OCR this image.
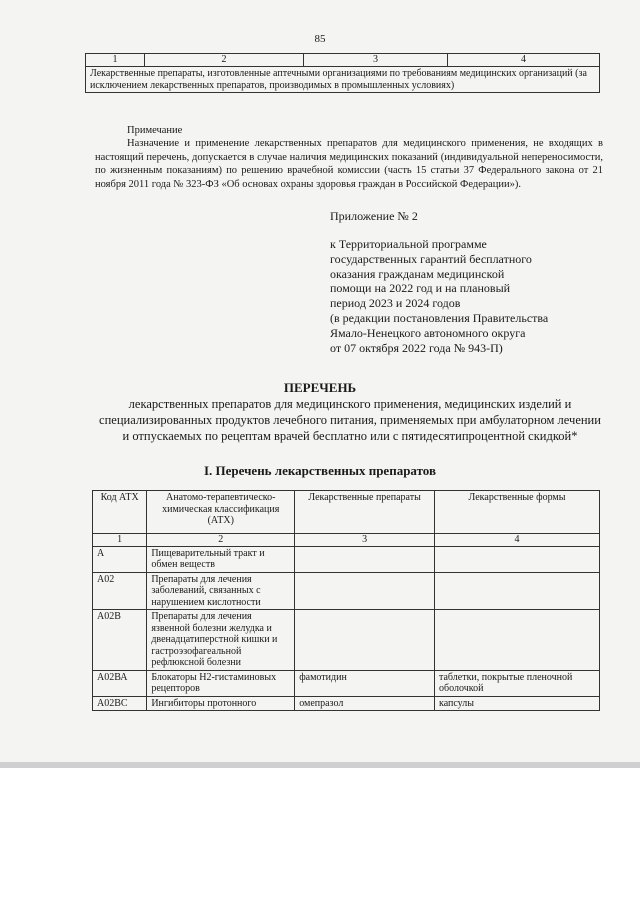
85
1	2	3	4
Лекарственные препараты, изготовленные аптечными организациями по требованиям медицинских организаций (за исключением лекарственных препаратов, производимых в промышленных условиях)
Примечание
Назначение и применение лекарственных препаратов для медицинского применения, не входящих в настоящий перечень, допускается в случае наличия медицинских показаний (индивидуальной непереносимости, по жизненным показаниям) по решению врачебной комиссии (часть 15 статьи 37 Федерального закона от 21 ноября 2011 года № 323-ФЗ «Об основах охраны здоровья граждан в Российской Федерации»).
Приложение № 2
к Территориальной программе
государственных гарантий бесплатного
оказания гражданам медицинской
помощи на 2022 год и на плановый
период 2023 и 2024 годов
(в редакции постановления Правительства
Ямало-Ненецкого автономного округа
от 07 октября 2022 года № 943-П)
ПЕРЕЧЕНЬ
лекарственных препаратов для медицинского применения, медицинских изделий и специализированных продуктов лечебного питания, применяемых при амбулаторном лечении и отпускаемых по рецептам врачей бесплатно или с пятидесятипроцентной скидкой*
I. Перечень лекарственных препаратов
Код АТХ	Анатомо-терапевтическо-химическая классификация (АТХ)	Лекарственные препараты	Лекарственные формы
1	2	3	4
А	Пищеварительный тракт и обмен веществ		
А02	Препараты для лечения заболеваний, связанных с нарушением кислотности		
А02В	Препараты для лечения язвенной болезни желудка и двенадцатиперстной кишки и гастроэзофагеальной рефлюксной болезни		
А02ВА	Блокаторы Н2-гистаминовых рецепторов	фамотидин	таблетки, покрытые пленочной оболочкой
А02ВС	Ингибиторы протонного	омепразол	капсулы
